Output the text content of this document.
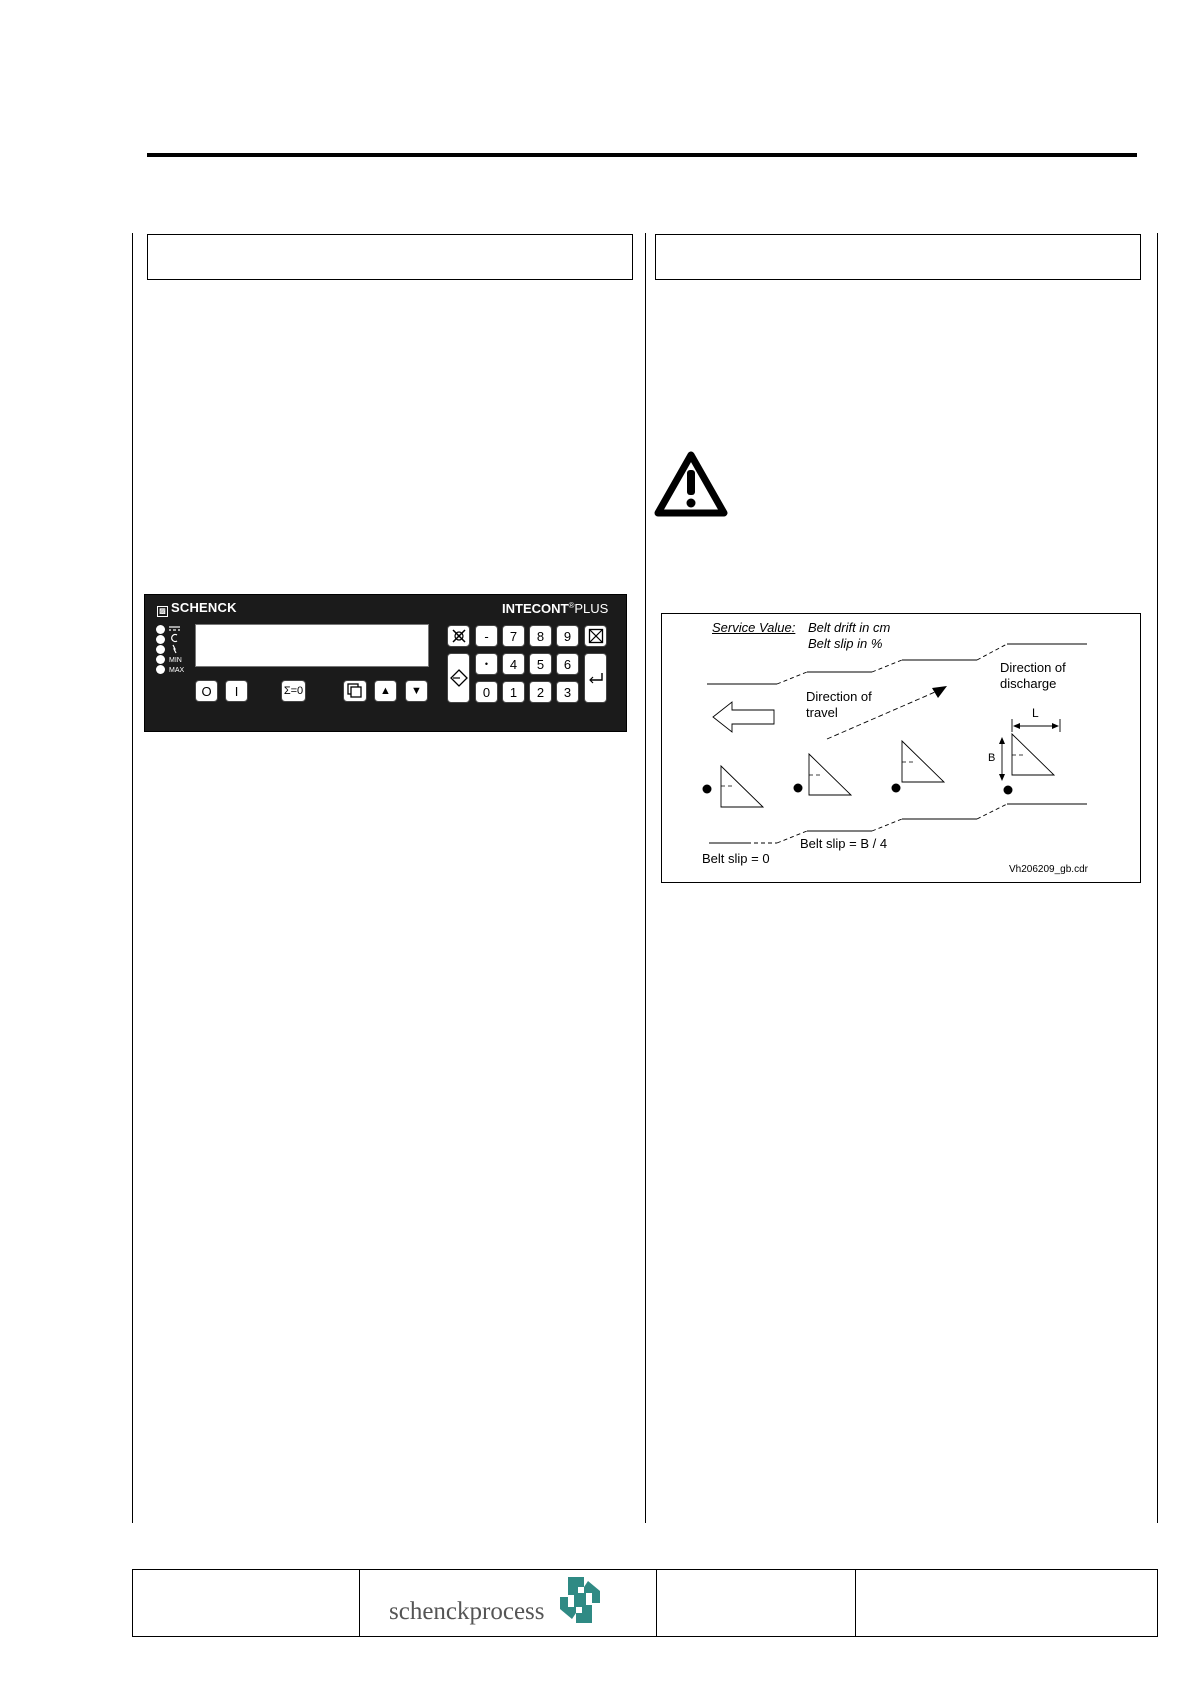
▨ SCHENCK	INTECONT®PLUS
MIN
MAX
O	I	Σ=0	▲	▼
-	7	8	9
•	4	5	6
0	1	2	3
Service Value: Belt drift in cm
Belt slip in %
Direction of
travel
Direction of
discharge
L
B
Belt slip = 0
Belt slip = B / 4
Vh206209_gb.cdr
schenckprocess
